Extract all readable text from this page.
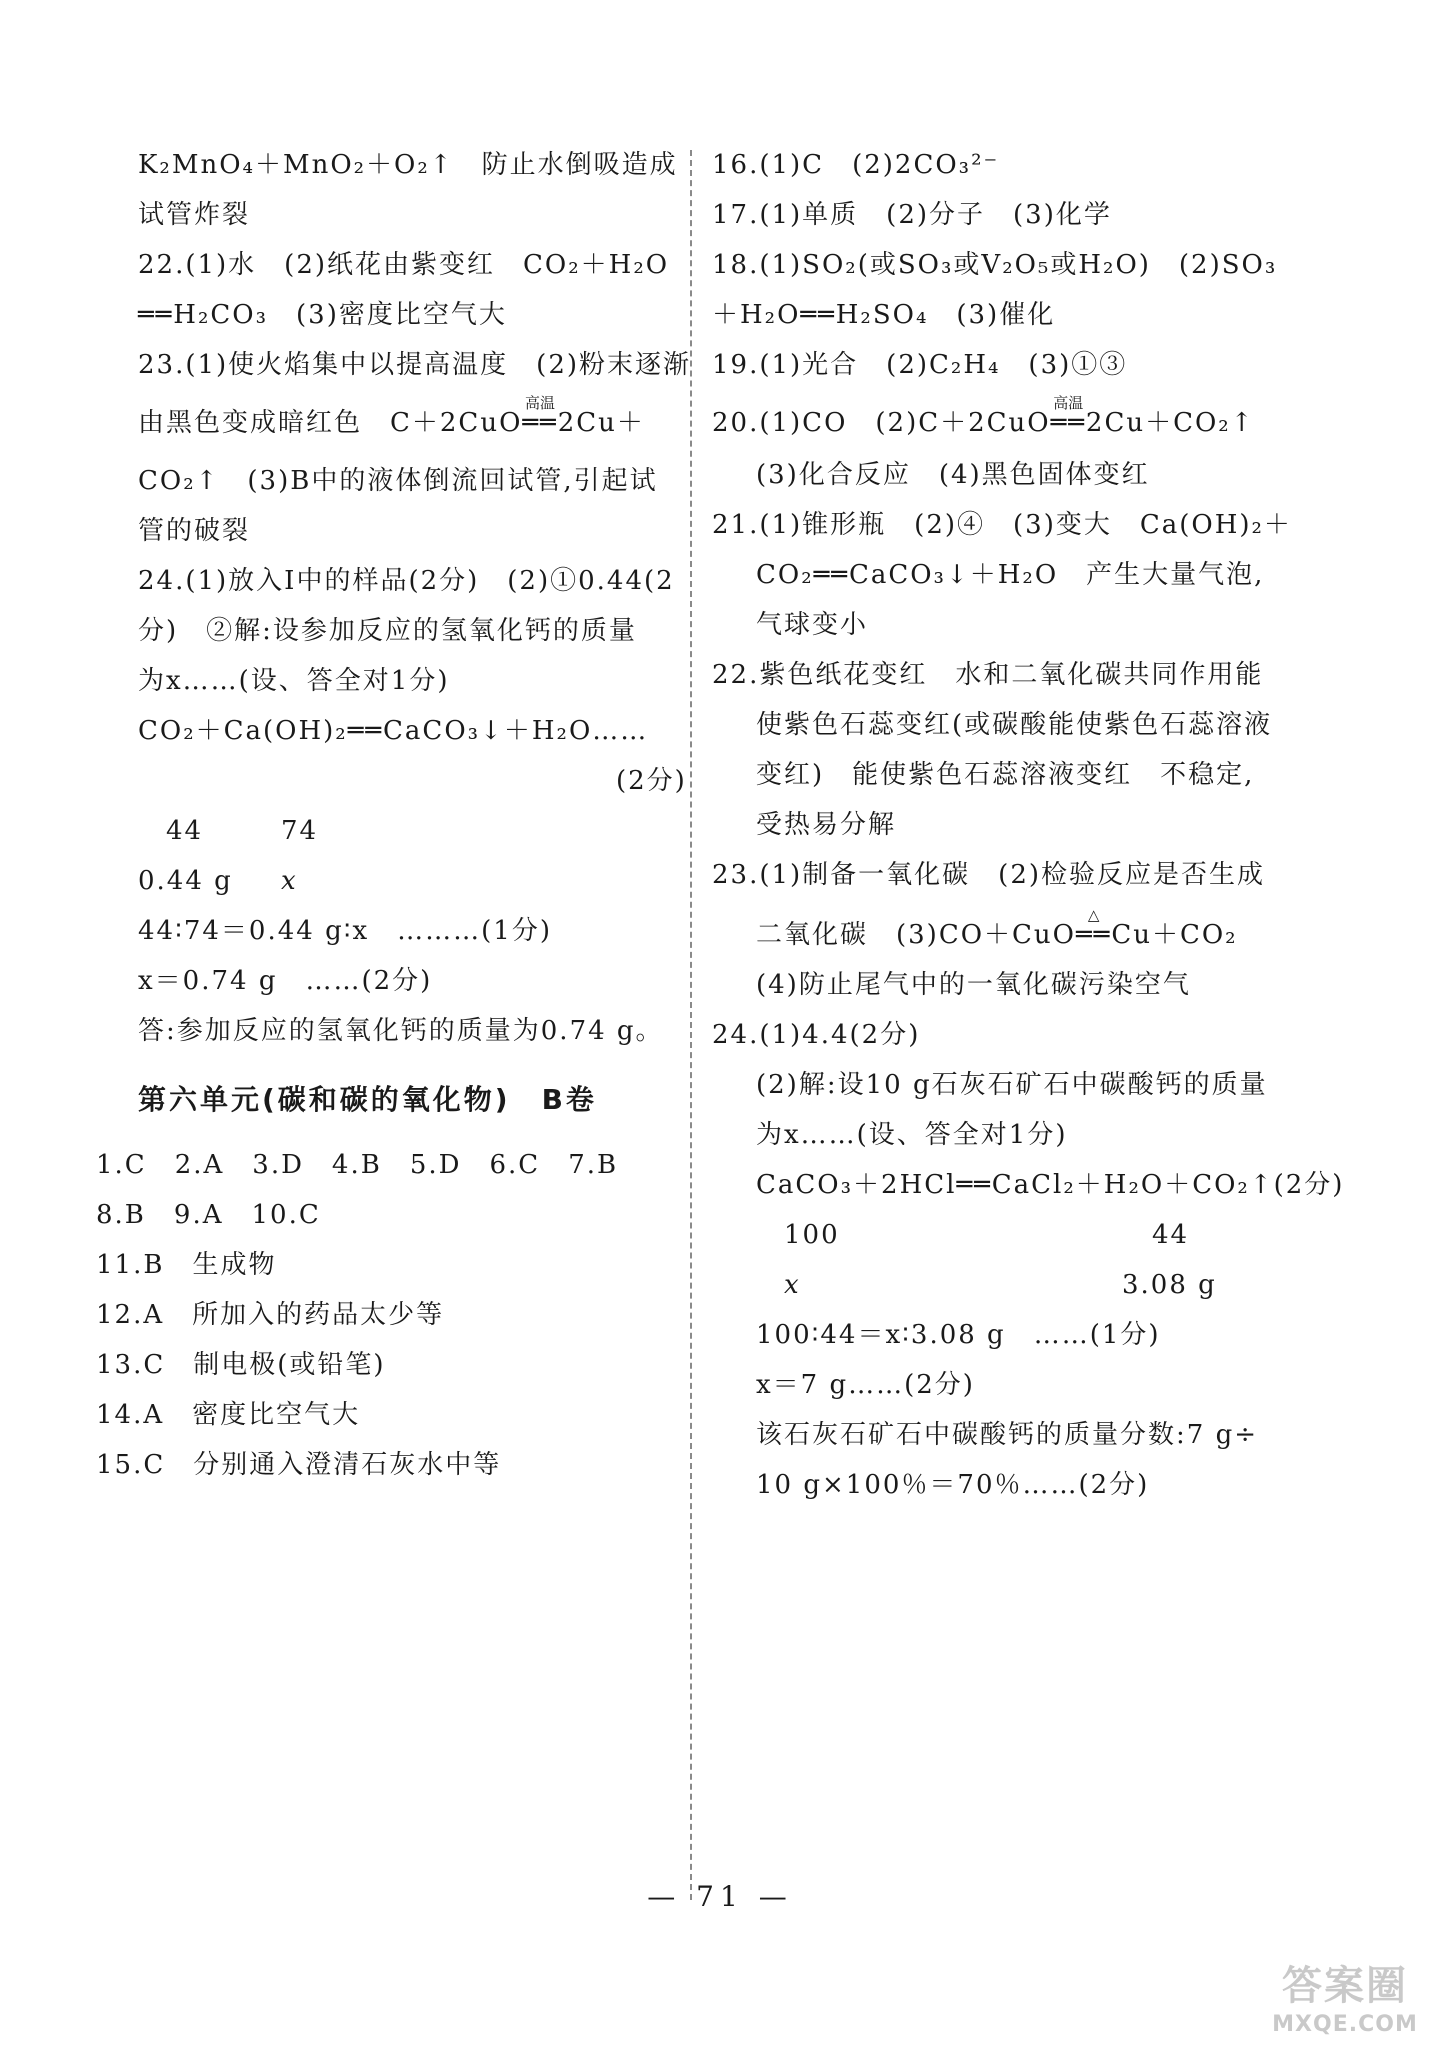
K₂MnO₄＋MnO₂＋O₂↑　防止水倒吸造成
试管炸裂
22.(1)水　(2)纸花由紫变红　CO₂＋H₂O
══H₂CO₃　(3)密度比空气大
23.(1)使火焰集中以提高温度　(2)粉末逐渐
由黑色变成暗红色　C＋2CuO
高温
══2Cu＋
CO₂↑　(3)B中的液体倒流回试管,引起试
管的破裂
24.(1)放入Ⅰ中的样品(2分)　(2)①0.44(2
分)　②解:设参加反应的氢氧化钙的质量
为x……(设、答全对1分)
CO₂＋Ca(OH)₂══CaCO₃↓＋H₂O……
(2分)
44	74
0.44 g x
44∶74＝0.44 g∶x　………(1分)
x＝0.74 g　……(2分)
答:参加反应的氢氧化钙的质量为0.74 g。
第六单元(碳和碳的氧化物)　B卷
1.C　2.A　3.D　4.B　5.D　6.C　7.B
8.B　9.A　10.C
11.B　生成物
12.A　所加入的药品太少等
13.C　制电极(或铅笔)
14.A　密度比空气大
15.C　分别通入澄清石灰水中等
16.(1)C　(2)2CO₃²⁻
17.(1)单质　(2)分子　(3)化学
18.(1)SO₂(或SO₃或V₂O₅或H₂O)　(2)SO₃
＋H₂O══H₂SO₄　(3)催化
19.(1)光合　(2)C₂H₄　(3)①③
20.(1)CO　(2)C＋2CuO
高温
══2Cu＋CO₂↑
(3)化合反应　(4)黑色固体变红
21.(1)锥形瓶　(2)④　(3)变大　Ca(OH)₂＋
CO₂══CaCO₃↓＋H₂O　产生大量气泡,
气球变小
22.紫色纸花变红　水和二氧化碳共同作用能
使紫色石蕊变红(或碳酸能使紫色石蕊溶液
变红)　能使紫色石蕊溶液变红　不稳定,
受热易分解
23.(1)制备一氧化碳　(2)检验反应是否生成
二氧化碳　(3)CO＋CuO
△
══Cu＋CO₂
(4)防止尾气中的一氧化碳污染空气
24.(1)4.4(2分)
(2)解:设10 g石灰石矿石中碳酸钙的质量
为x……(设、答全对1分)
CaCO₃＋2HCl══CaCl₂＋H₂O＋CO₂↑(2分)
100	44
x	3.08 g
100∶44＝x∶3.08 g　……(1分)
x＝7 g……(2分)
该石灰石矿石中碳酸钙的质量分数:7 g÷
10 g×100％＝70％……(2分)
— 71 —
答案圈
MXQE.COM
